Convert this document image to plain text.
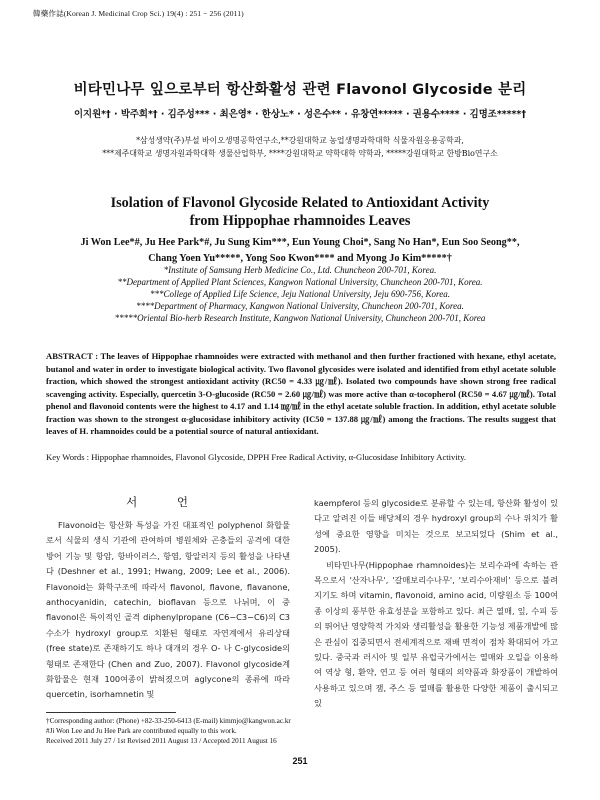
韓藥作誌(Korean J. Medicinal Crop Sci.) 19(4) : 251 − 256 (2011)
비타민나무 잎으로부터 항산화활성 관련 Flavonol Glycoside 분리
이지원*† · 박주희*† · 김주성*** · 최은영* · 한상노* · 성은수** · 유창연***** · 권용수**** · 김명조*****†
*삼성생약(주)부설 바이오생명공학연구소,**강원대학교 농업생명과학대학 식물자원응용공학과,
***제주대학교 생명자원과학대학 생물산업학부, ****강원대학교 약학대학 약학과, *****강원대학교 한방Bio연구소
Isolation of Flavonol Glycoside Related to Antioxidant Activity
from Hippophae rhamnoides Leaves
Ji Won Lee*#, Ju Hee Park*#, Ju Sung Kim***, Eun Young Choi*, Sang No Han*, Eun Soo Seong**,
Chang Yoen Yu*****, Yong Soo Kwon**** and Myong Jo Kim*****†
*Institute of Samsung Herb Medicine Co., Ltd. Chuncheon 200-701, Korea.
**Department of Applied Plant Sciences, Kangwon National University, Chuncheon 200-701, Korea.
***College of Applied Life Science, Jeju National University, Jeju 690-756, Korea.
****Department of Pharmacy, Kangwon National University, Chuncheon 200-701, Korea.
*****Oriental Bio-herb Research Institute, Kangwon National University, Chuncheon 200-701, Korea
ABSTRACT : The leaves of Hippophae rhamnoides were extracted with methanol and then further fractioned with hexane, ethyl acetate, butanol and water in order to investigate biological activity. Two flavonol glycosides were isolated and identified from ethyl acetate soluble fraction, which showed the strongest antioxidant activity (RC50 = 4.33 ㎍/㎖). Isolated two compounds have shown strong free radical scavenging activity. Especially, quercetin 3-O-glucoside (RC50 = 2.60 ㎍/㎖) was more active than α-tocopherol (RC50 = 4.67 ㎍/㎖). Total phenol and flavonoid contents were the highest to 4.17 and 1.14 ㎎/㎖ in the ethyl acetate soluble fraction. In addition, ethyl acetate soluble fraction was shown to the strongest α-glucosidase inhibitory activity (IC50 = 137.88 ㎍/㎖) among the fractions. The results suggest that leaves of H. rhamnoides could be a potential source of natural antioxidant.
Key Words : Hippophae rhamnoides, Flavonol Glycoside, DPPH Free Radical Activity, α-Glucosidase Inhibitory Activity.
서 언

Flavonoid는 항산화 특성을 가진 대표적인 polyphenol 화합물로서 식물의 생식 기관에 관여하며 병원체와 곤충들의 공격에 대한 방어 기능 및 항암, 항바이러스, 항염, 항알러지 등의 활성을 나타낸다 (Deshner et al., 1991; Hwang, 2009; Lee et al., 2006). Flavonoid는 화학구조에 따라서 flavonol, flavone, flavanone, anthocyanidin, catechin, bioflavan 등으로 나뉘며, 이 중 flavonol은 특이적인 골격 diphenylpropane (C6−C3−C6)의 C3 수소가 hydroxyl group로 치환된 형태로 자연계에서 유리상태 (free state)로 존재하기도 하나 대개의 경우 O- 나 C-glycoside의 형태로 존재한다 (Chen and Zuo, 2007). Flavonol glycoside계 화합물은 현재 100여종이 밝혀졌으며 aglycone의 종류에 따라 quercetin, isorhamnetin 및

kaempferol 등의 glycoside로 분류할 수 있는데, 항산화 활성이 있다고 알려진 이들 배당체의 경우 hydroxyl group의 수나 위치가 활성에 중요한 영향을 미치는 것으로 보고되었다 (Shim et al., 2005).

비타민나무(Hippophae rhamnoides)는 보리수과에 속하는 관목으로서 '산자나무', '갈매보리수나무', '보리수아재비' 등으로 불려지기도 하며 vitamin, flavonoid, amino acid, 미량원소 등 100여 종 이상의 풍부한 유효성분을 포함하고 있다. 최근 열매, 잎, 수피 등의 뛰어난 영양학적 가치와 생리활성을 활용한 기능성 제품개발에 많은 관심이 집중되면서 전세계적으로 재배 면적이 점차 확대되어 가고 있다. 중국과 러시아 및 일부 유럽국가에서는 열매와 오일을 이용하여 역상 형, 환약, 연고 등 여러 형태의 의약품과 화장품이 개발하여 사용하고 있으며 잼, 주스 등 열매를 활용한 다양한 제품이 출시되고 있

†Corresponding author: (Phone) +82-33-250-6413 (E-mail) kimmjo@kangwon.ac.kr
#Ji Won Lee and Ju Hee Park are contributed equally to this work.
Received 2011 July 27 / 1st Revised 2011 August 13 / Accepted 2011 August 16
251
